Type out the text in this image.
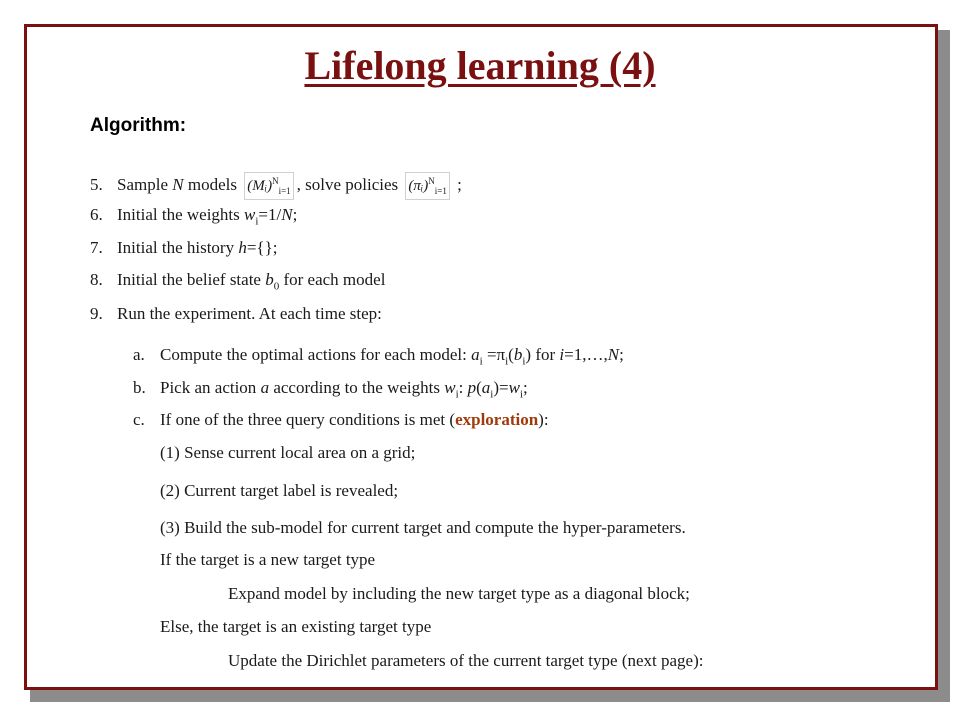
Lifelong learning (4)
Algorithm:
5. Sample N models (Mᵢ)$^N_{i=1}$ , solve policies (πᵢ)$^N_{i=1}$ ;
6. Initial the weights $w_i=1/N$;
7. Initial the history h={};
8. Initial the belief state $b_0$ for each model
9. Run the experiment. At each time step:
a. Compute the optimal actions for each model: $a_i =\pi_i(b_i)$ for i=1,…,N;
b. Pick an action a according to the weights $w_i$: $p(a_i)=w_i$;
c. If one of the three query conditions is met (exploration):
(1) Sense current local area on a grid;
(2) Current target label is revealed;
(3) Build the sub-model for current target and compute the hyper-parameters.
If the target is a new target type
Expand model by including the new target type as a diagonal block;
Else, the target is an existing target type
Update the Dirichlet parameters of the current target type (next page):
